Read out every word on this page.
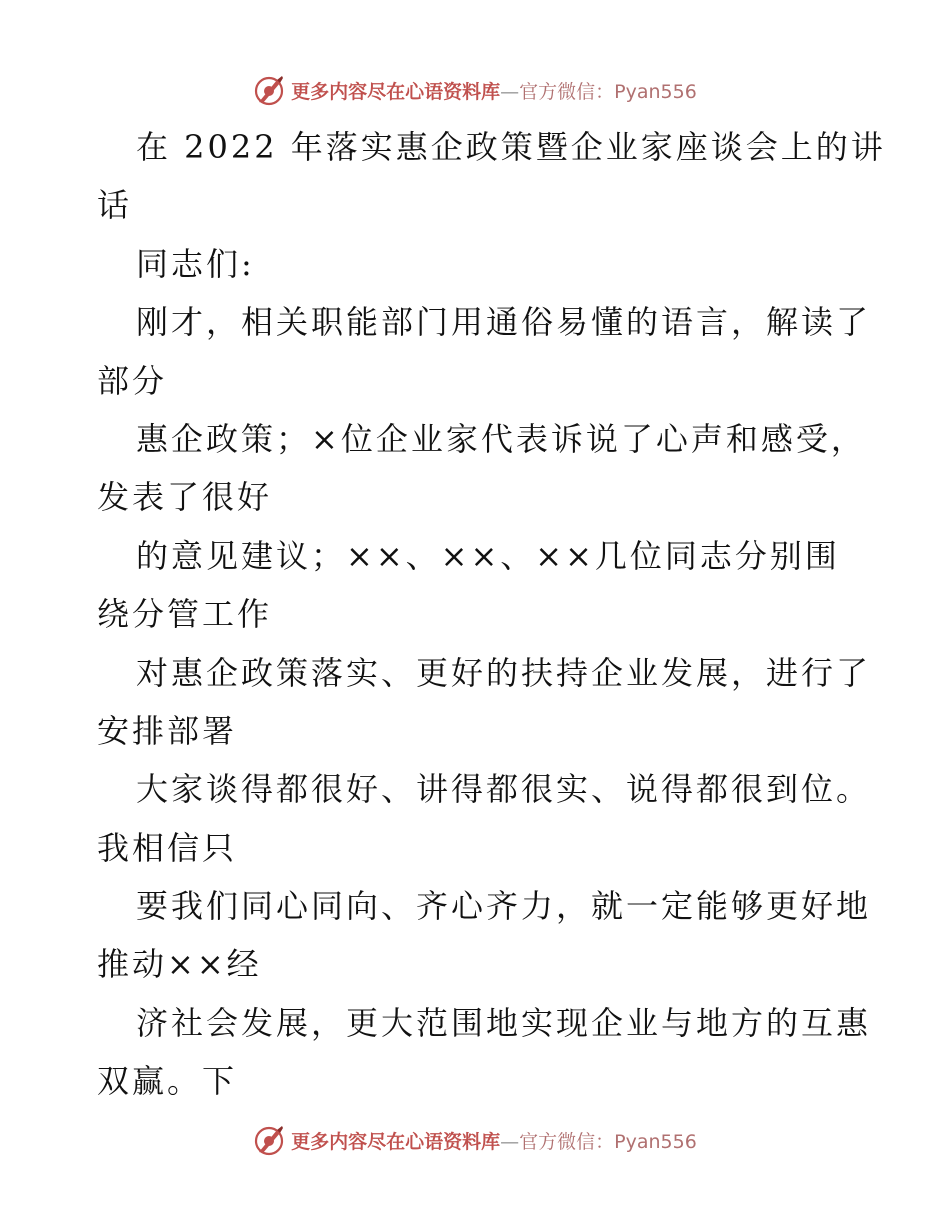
更多内容尽在心语资料库—官方微信：Pyan556
在 2022 年落实惠企政策暨企业家座谈会上的讲
话
同志们:
刚才，相关职能部门用通俗易懂的语言，解读了
部分
惠企政策；×位企业家代表诉说了心声和感受，
发表了很好
的意见建议；××、××、××几位同志分别围
绕分管工作
对惠企政策落实、更好的扶持企业发展，进行了
安排部署
大家谈得都很好、讲得都很实、说得都很到位。
我相信只
要我们同心同向、齐心齐力，就一定能够更好地
推动××经
济社会发展，更大范围地实现企业与地方的互惠
双赢。下
更多内容尽在心语资料库—官方微信：Pyan556
